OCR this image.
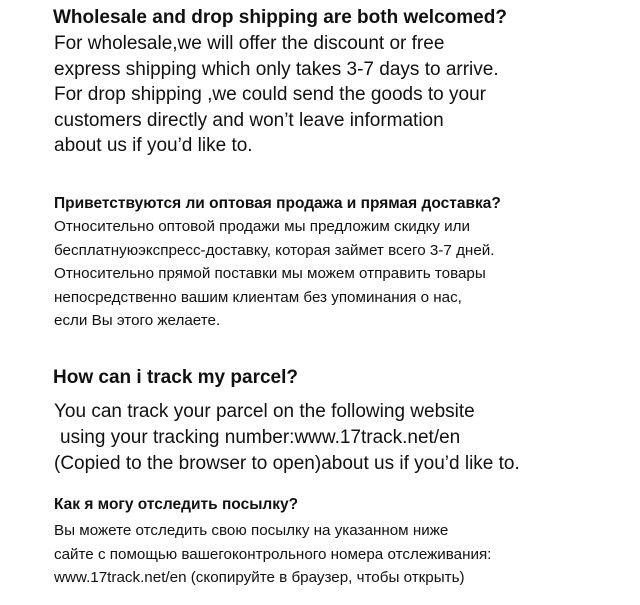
Wholesale and drop shipping are both welcomed?

For wholesale,we will offer the discount or free

express shipping which only takes 3-7 days to arrive.

For drop shipping ,we could send the goods to your

customers directly and won’t leave information

about us if you’d like to.

Приветствуются ли оптовая продажа и прямая доставка?

Относительно оптовой продажи мы предложим скидку или

бесплатнуюэкспресс-доставку, которая займет всего 3-7 дней.

Относительно прямой поставки мы можем отправить товары

непосредственно вашим клиентам без упоминания о нас,

если Вы этого желаете.

How can i track my parcel?

You can track your parcel on the following website

using your tracking number:www.17track.net/en

(Copied to the browser to open)about us if you’d like to.

Как я могу отследить посылку?

Вы можете отследить свою посылку на указанном ниже

сайте с помощью вашегоконтрольного номера отслеживания:

www.17track.net/en (скопируйте в браузер, чтобы открыть)
